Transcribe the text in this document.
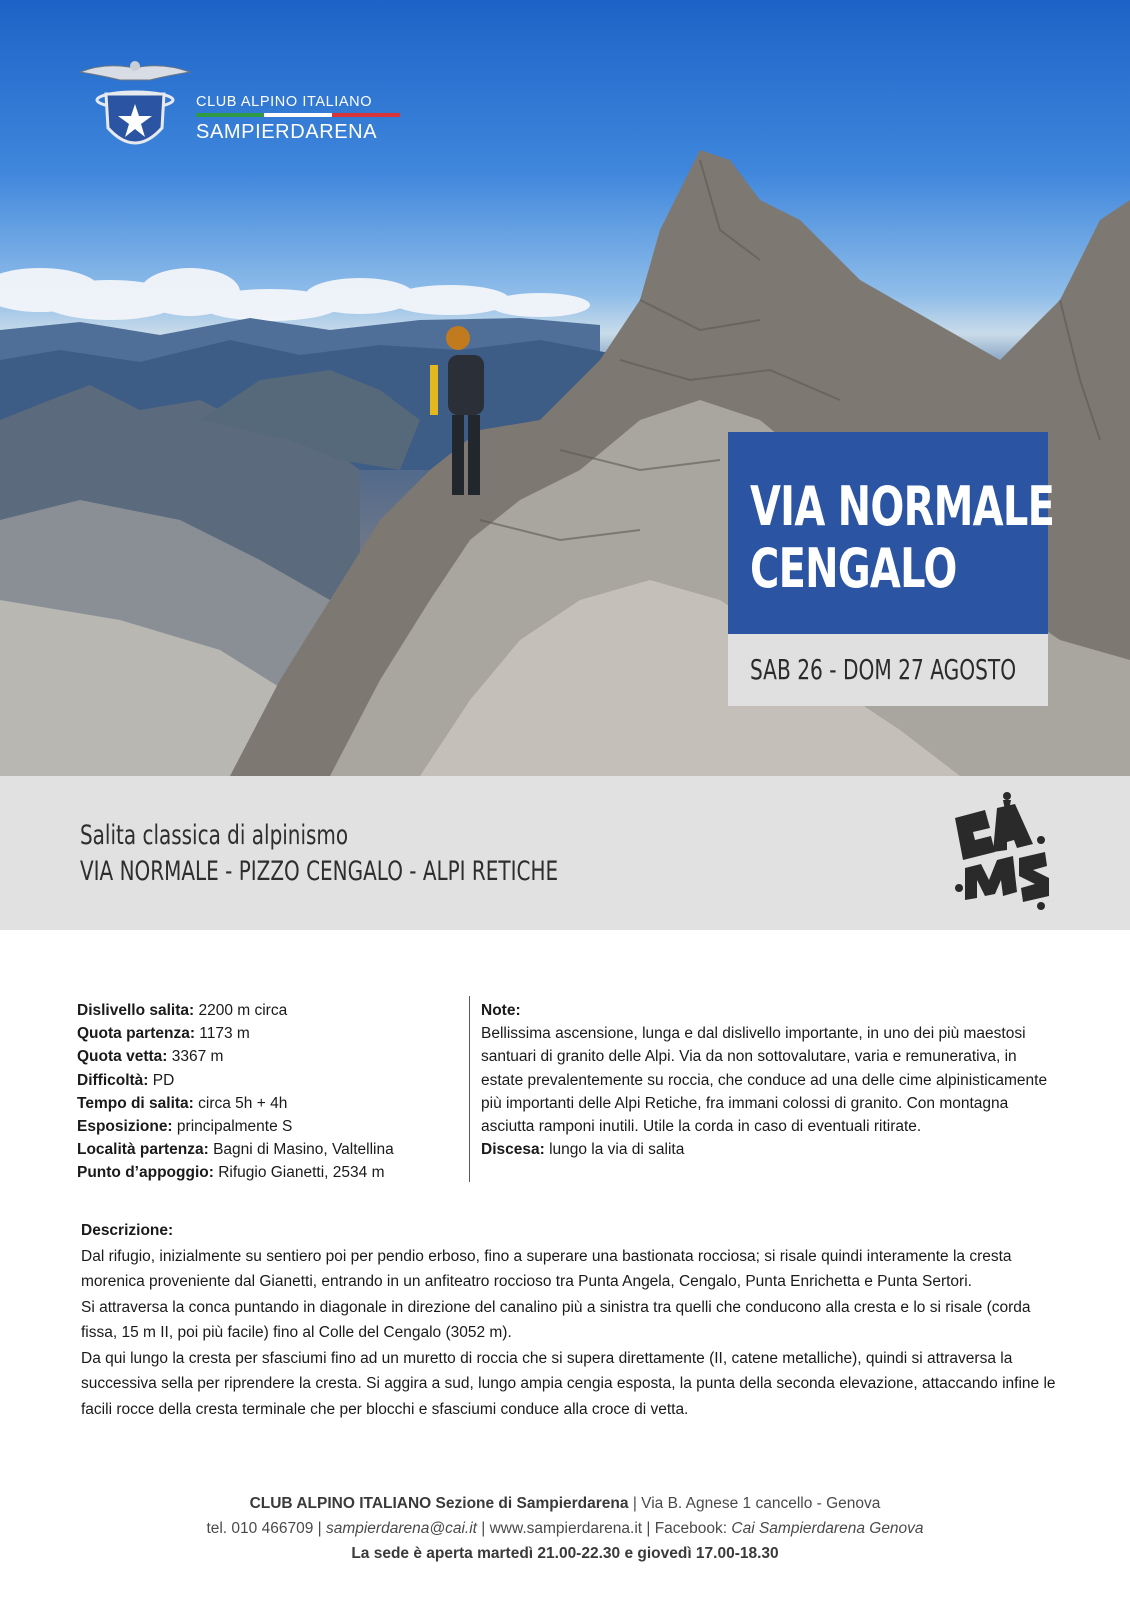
CLUB ALPINO ITALIANO
SAMPIERDARENA
VIA NORMALE
CENGALO
SAB 26 - DOM 27 AGOSTO
Salita classica di alpinismo
VIA NORMALE - PIZZO CENGALO - ALPI RETICHE
Dislivello salita: 2200 m circa
Quota partenza: 1173 m
Quota vetta: 3367 m
Difficoltà: PD
Tempo di salita: circa 5h + 4h
Esposizione: principalmente S
Località partenza: Bagni di Masino, Valtellina
Punto d’appoggio: Rifugio Gianetti, 2534 m
Note:
Bellissima ascensione, lunga e dal dislivello importante, in uno dei più maestosi santuari di granito delle Alpi. Via da non sottovalutare, varia e remunerativa, in estate prevalentemente su roccia, che conduce ad una delle cime alpinisticamente più importanti delle Alpi Retiche, fra immani colossi di granito. Con montagna asciutta ramponi inutili. Utile la corda in caso di eventuali ritirate.
Discesa: lungo la via di salita
Descrizione:
Dal rifugio, inizialmente su sentiero poi per pendio erboso, fino a superare una bastionata rocciosa; si risale quindi interamente la cresta morenica proveniente dal Gianetti, entrando in un anfiteatro roccioso tra Punta Angela, Cengalo, Punta Enrichetta e Punta Sertori.
Si attraversa la conca puntando in diagonale in direzione del canalino più a sinistra tra quelli che conducono alla cresta e lo si risale (corda fissa, 15 m II, poi più facile) fino al Colle del Cengalo (3052 m).
Da qui lungo la cresta per sfasciumi fino ad un muretto di roccia che si supera direttamente (II, catene metalliche), quindi si attraversa la successiva sella per riprendere la cresta. Si aggira a sud, lungo ampia cengia esposta, la punta della seconda elevazione, attaccando infine le facili rocce della cresta terminale che per blocchi e sfasciumi conduce alla croce di vetta.
CLUB ALPINO ITALIANO Sezione di Sampierdarena | Via B. Agnese 1 cancello - Genova
tel. 010 466709 | sampierdarena@cai.it | www.sampierdarena.it | Facebook: Cai Sampierdarena Genova
La sede è aperta martedì 21.00-22.30 e giovedì 17.00-18.30
